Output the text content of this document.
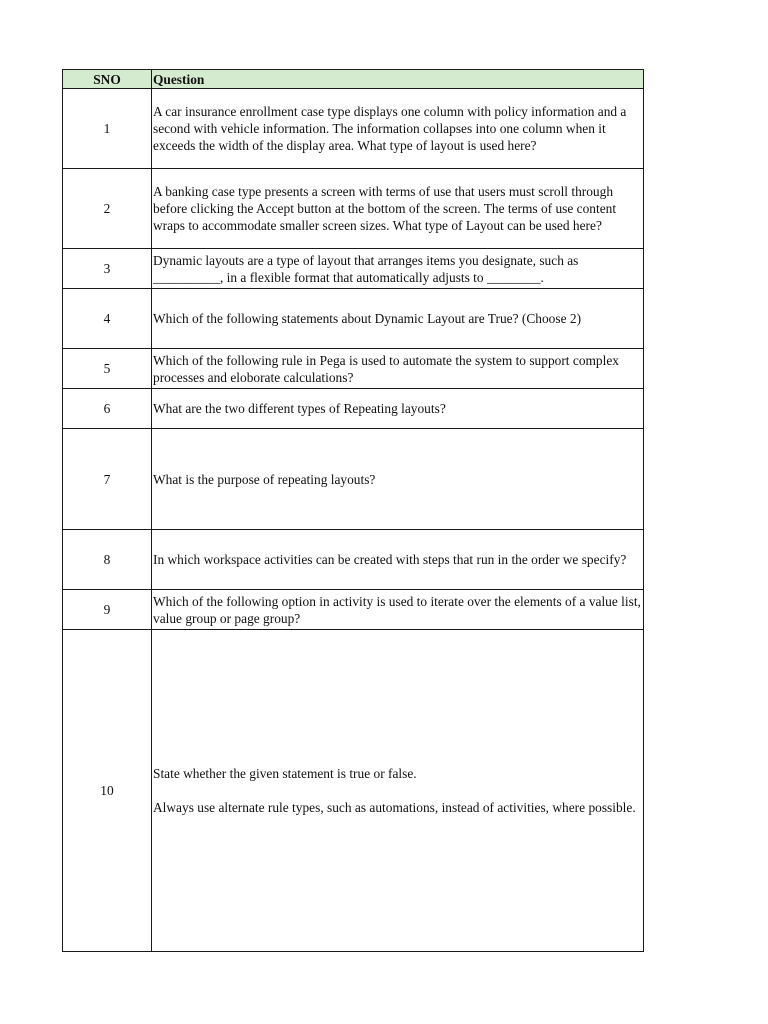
SNO	Question
1	A car insurance enrollment case type displays one column with policy information and a second with vehicle information. The information collapses into one column when it exceeds the width of the display area. What type of layout is used here?
2	A banking case type presents a screen with terms of use that users must scroll through before clicking the Accept button at the bottom of the screen. The terms of use content wraps to accommodate smaller screen sizes. What type of Layout can be used here?
3	Dynamic layouts are a type of layout that arranges items you designate, such as __________, in a flexible format that automatically adjusts to ________.
4	Which of the following statements about Dynamic Layout are True? (Choose 2)
5	Which of the following rule in Pega is used to automate the system to support complex processes and eloborate calculations?
6	What are the two different types of Repeating layouts?
7	What is the purpose of repeating layouts?
8	In which workspace activities can be created with steps that run in the order we specify?
9	Which of the following option in activity is used to iterate over the elements of a value list, value group or page group?
10	State whether the given statement is true or false.
Always use alternate rule types, such as automations, instead of activities, where possible.
